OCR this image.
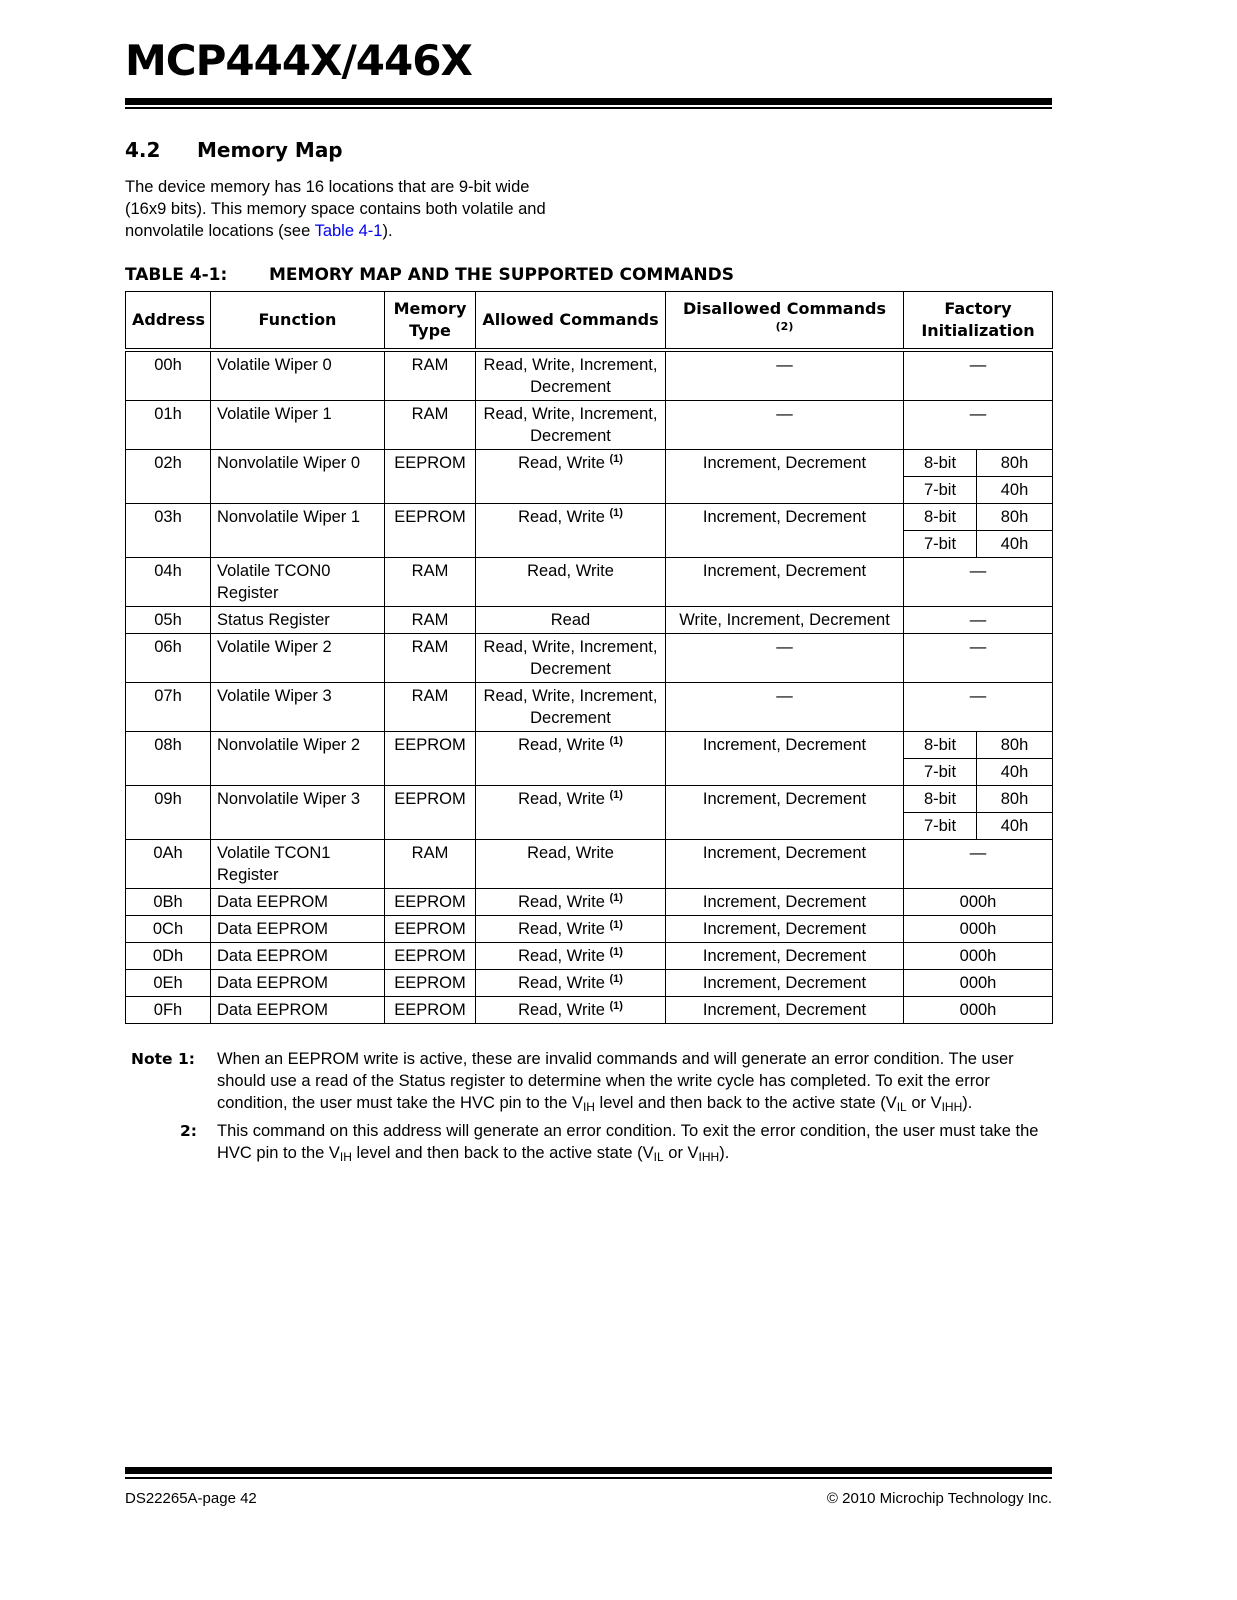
MCP444X/446X
4.2 Memory Map

The device memory has 16 locations that are 9-bit wide (16x9 bits). This memory space contains both volatile and nonvolatile locations (see Table 4-1).

TABLE 4-1: MEMORY MAP AND THE SUPPORTED COMMANDS
Address	Function	Memory Type	Allowed Commands	Disallowed Commands $^{(2)}$	Factory Initialization	
00h	Volatile Wiper 0	RAM	Read, Write, Increment, Decrement	—	—	
01h	Volatile Wiper 1	RAM	Read, Write, Increment, Decrement	—	—	
02h	Nonvolatile Wiper 0	EEPROM	Read, Write $^{(1)}$	Increment, Decrement	8-bit	80h
					7-bit	40h
03h	Nonvolatile Wiper 1	EEPROM	Read, Write $^{(1)}$	Increment, Decrement	8-bit	80h
					7-bit	40h
04h	Volatile TCON0 Register	RAM	Read, Write	Increment, Decrement	—	
05h	Status Register	RAM	Read	Write, Increment, Decrement	—	
06h	Volatile Wiper 2	RAM	Read, Write, Increment, Decrement	—	—	
07h	Volatile Wiper 3	RAM	Read, Write, Increment, Decrement	—	—	
08h	Nonvolatile Wiper 2	EEPROM	Read, Write $^{(1)}$	Increment, Decrement	8-bit	80h
					7-bit	40h
09h	Nonvolatile Wiper 3	EEPROM	Read, Write $^{(1)}$	Increment, Decrement	8-bit	80h
					7-bit	40h
0Ah	Volatile TCON1 Register	RAM	Read, Write	Increment, Decrement	—	
0Bh	Data EEPROM	EEPROM	Read, Write $^{(1)}$	Increment, Decrement	000h	
0Ch	Data EEPROM	EEPROM	Read, Write $^{(1)}$	Increment, Decrement	000h	
0Dh	Data EEPROM	EEPROM	Read, Write $^{(1)}$	Increment, Decrement	000h	
0Eh	Data EEPROM	EEPROM	Read, Write $^{(1)}$	Increment, Decrement	000h	
0Fh	Data EEPROM	EEPROM	Read, Write $^{(1)}$	Increment, Decrement	000h	
Note 1:	When an EEPROM write is active, these are invalid commands and will generate an error condition. The user should use a read of the Status register to determine when the write cycle has completed. To exit the error condition, the user must take the HVC pin to the $V_{IH}$ level and then back to the active state ($V_{IL}$ or $V_{IHH}$).
2:	This command on this address will generate an error condition. To exit the error condition, the user must take the HVC pin to the $V_{IH}$ level and then back to the active state ($V_{IL}$ or $V_{IHH}$).
DS22265A-page 42	© 2010 Microchip Technology Inc.
